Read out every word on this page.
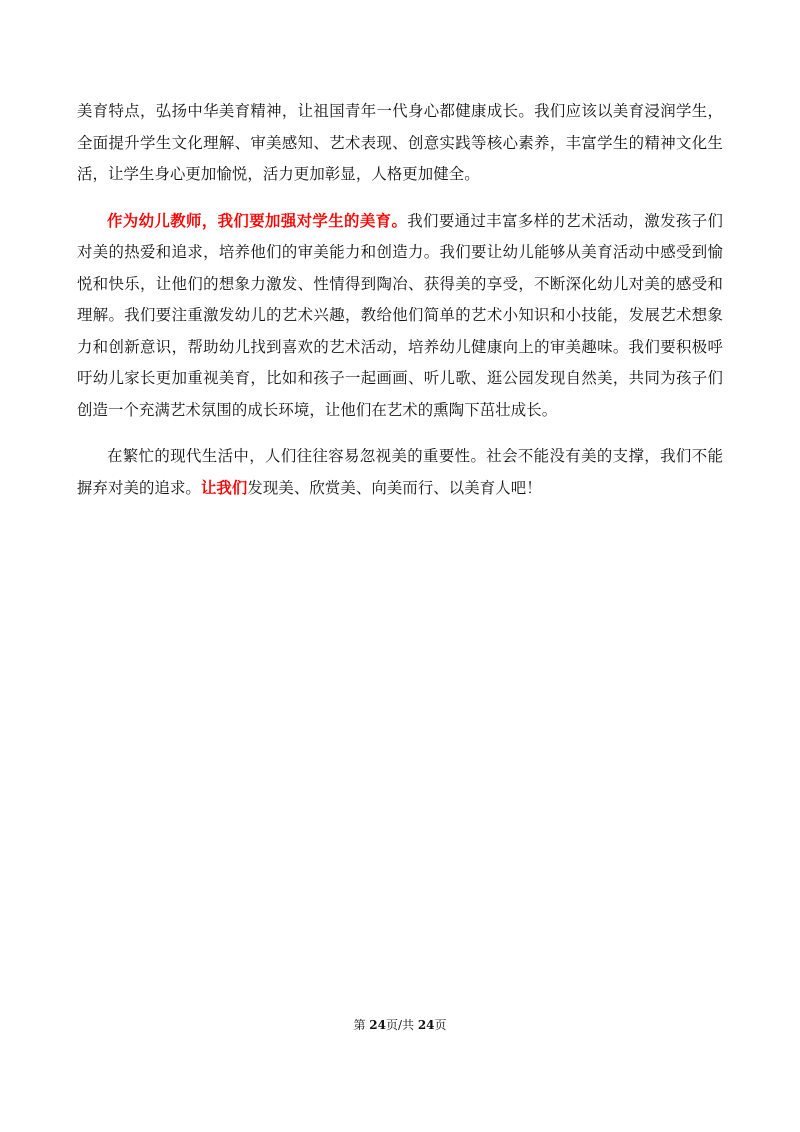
美育特点，弘扬中华美育精神，让祖国青年一代身心都健康成长。我们应该以美育浸润学生，全面提升学生文化理解、审美感知、艺术表现、创意实践等核心素养，丰富学生的精神文化生活，让学生身心更加愉悦，活力更加彰显，人格更加健全。

作为幼儿教师，我们要加强对学生的美育。我们要通过丰富多样的艺术活动，激发孩子们对美的热爱和追求，培养他们的审美能力和创造力。我们要让幼儿能够从美育活动中感受到愉悦和快乐，让他们的想象力激发、性情得到陶冶、获得美的享受，不断深化幼儿对美的感受和理解。我们要注重激发幼儿的艺术兴趣，教给他们简单的艺术小知识和小技能，发展艺术想象力和创新意识，帮助幼儿找到喜欢的艺术活动，培养幼儿健康向上的审美趣味。我们要积极呼吁幼儿家长更加重视美育，比如和孩子一起画画、听儿歌、逛公园发现自然美，共同为孩子们创造一个充满艺术氛围的成长环境，让他们在艺术的熏陶下茁壮成长。

在繁忙的现代生活中，人们往往容易忽视美的重要性。社会不能没有美的支撑，我们不能摒弃对美的追求。让我们发现美、欣赏美、向美而行、以美育人吧！

第 24页/共 24页
